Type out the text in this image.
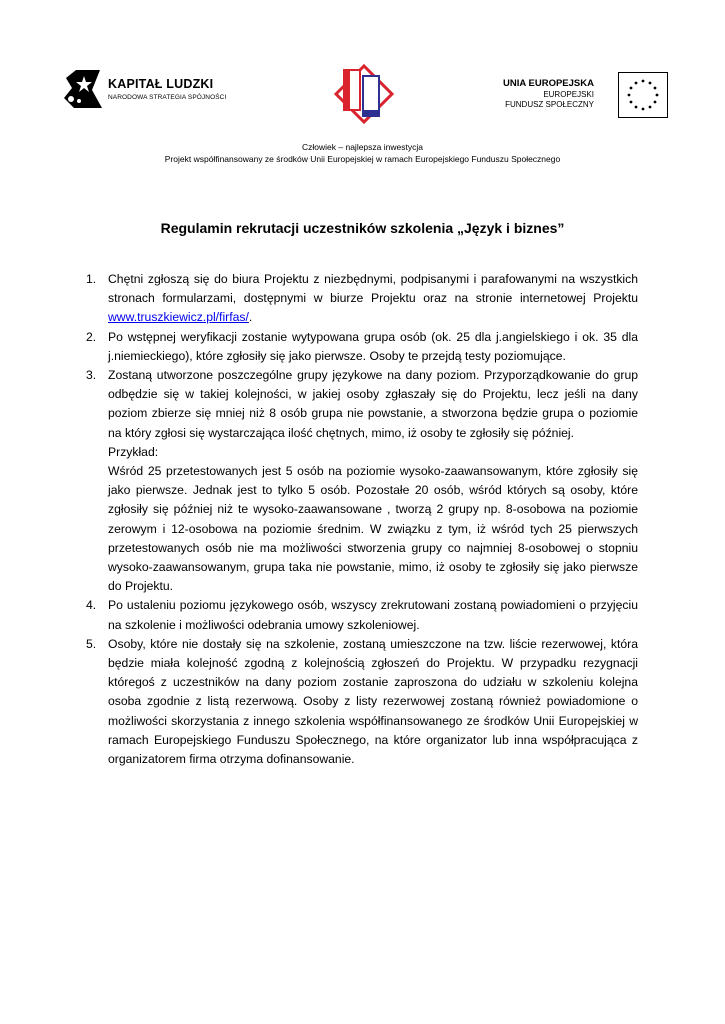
KAPITAŁ LUDZKI
NARODOWA STRATEGIA SPÓJNOŚCI	FIRFAS
UNIA EUROPEJSKA
EUROPEJSKI
FUNDUSZ SPOŁECZNY
Człowiek – najlepsza inwestycja
Projekt współfinansowany ze środków Unii Europejskiej w ramach Europejskiego Funduszu Społecznego
Regulamin rekrutacji uczestników szkolenia „Język i biznes”
1. Chętni zgłoszą się do biura Projektu z niezbędnymi, podpisanymi i parafowanymi na wszystkich stronach formularzami, dostępnymi w biurze Projektu oraz na stronie internetowej Projektu www.truszkiewicz.pl/firfas/.
2. Po wstępnej weryfikacji zostanie wytypowana grupa osób (ok. 25 dla j.angielskiego i ok. 35 dla j.niemieckiego), które zgłosiły się jako pierwsze. Osoby te przejdą testy poziomujące.
3. Zostaną utworzone poszczególne grupy językowe na dany poziom. Przyporządkowanie do grup odbędzie się w takiej kolejności, w jakiej osoby zgłaszały się do Projektu, lecz jeśli na dany poziom zbierze się mniej niż 8 osób grupa nie powstanie, a stworzona będzie grupa o poziomie na który zgłosi się wystarczająca ilość chętnych, mimo, iż osoby te zgłosiły się później.
Przykład:
Wśród 25 przetestowanych jest 5 osób na poziomie wysoko-zaawansowanym, które zgłosiły się jako pierwsze. Jednak jest to tylko 5 osób. Pozostałe 20 osób, wśród których są osoby, które zgłosiły się później niż te wysoko-zaawansowane , tworzą 2 grupy np. 8-osobowa na poziomie zerowym i 12-osobowa na poziomie średnim. W związku z tym, iż wśród tych 25 pierwszych przetestowanych osób nie ma możliwości stworzenia grupy co najmniej 8-osobowej o stopniu wysoko-zaawansowanym, grupa taka nie powstanie, mimo, iż osoby te zgłosiły się jako pierwsze do Projektu.
4. Po ustaleniu poziomu językowego osób, wszyscy zrekrutowani zostaną powiadomieni o przyjęciu na szkolenie i możliwości odebrania umowy szkoleniowej.
5. Osoby, które nie dostały się na szkolenie, zostaną umieszczone na tzw. liście rezerwowej, która będzie miała kolejność zgodną z kolejnością zgłoszeń do Projektu. W przypadku rezygnacji któregoś z uczestników na dany poziom zostanie zaproszona do udziału w szkoleniu kolejna osoba zgodnie z listą rezerwową. Osoby z listy rezerwowej zostaną również powiadomione o możliwości skorzystania z innego szkolenia współfinansowanego ze środków Unii Europejskiej w ramach Europejskiego Funduszu Społecznego, na które organizator lub inna współpracująca z organizatorem firma otrzyma dofinansowanie.
